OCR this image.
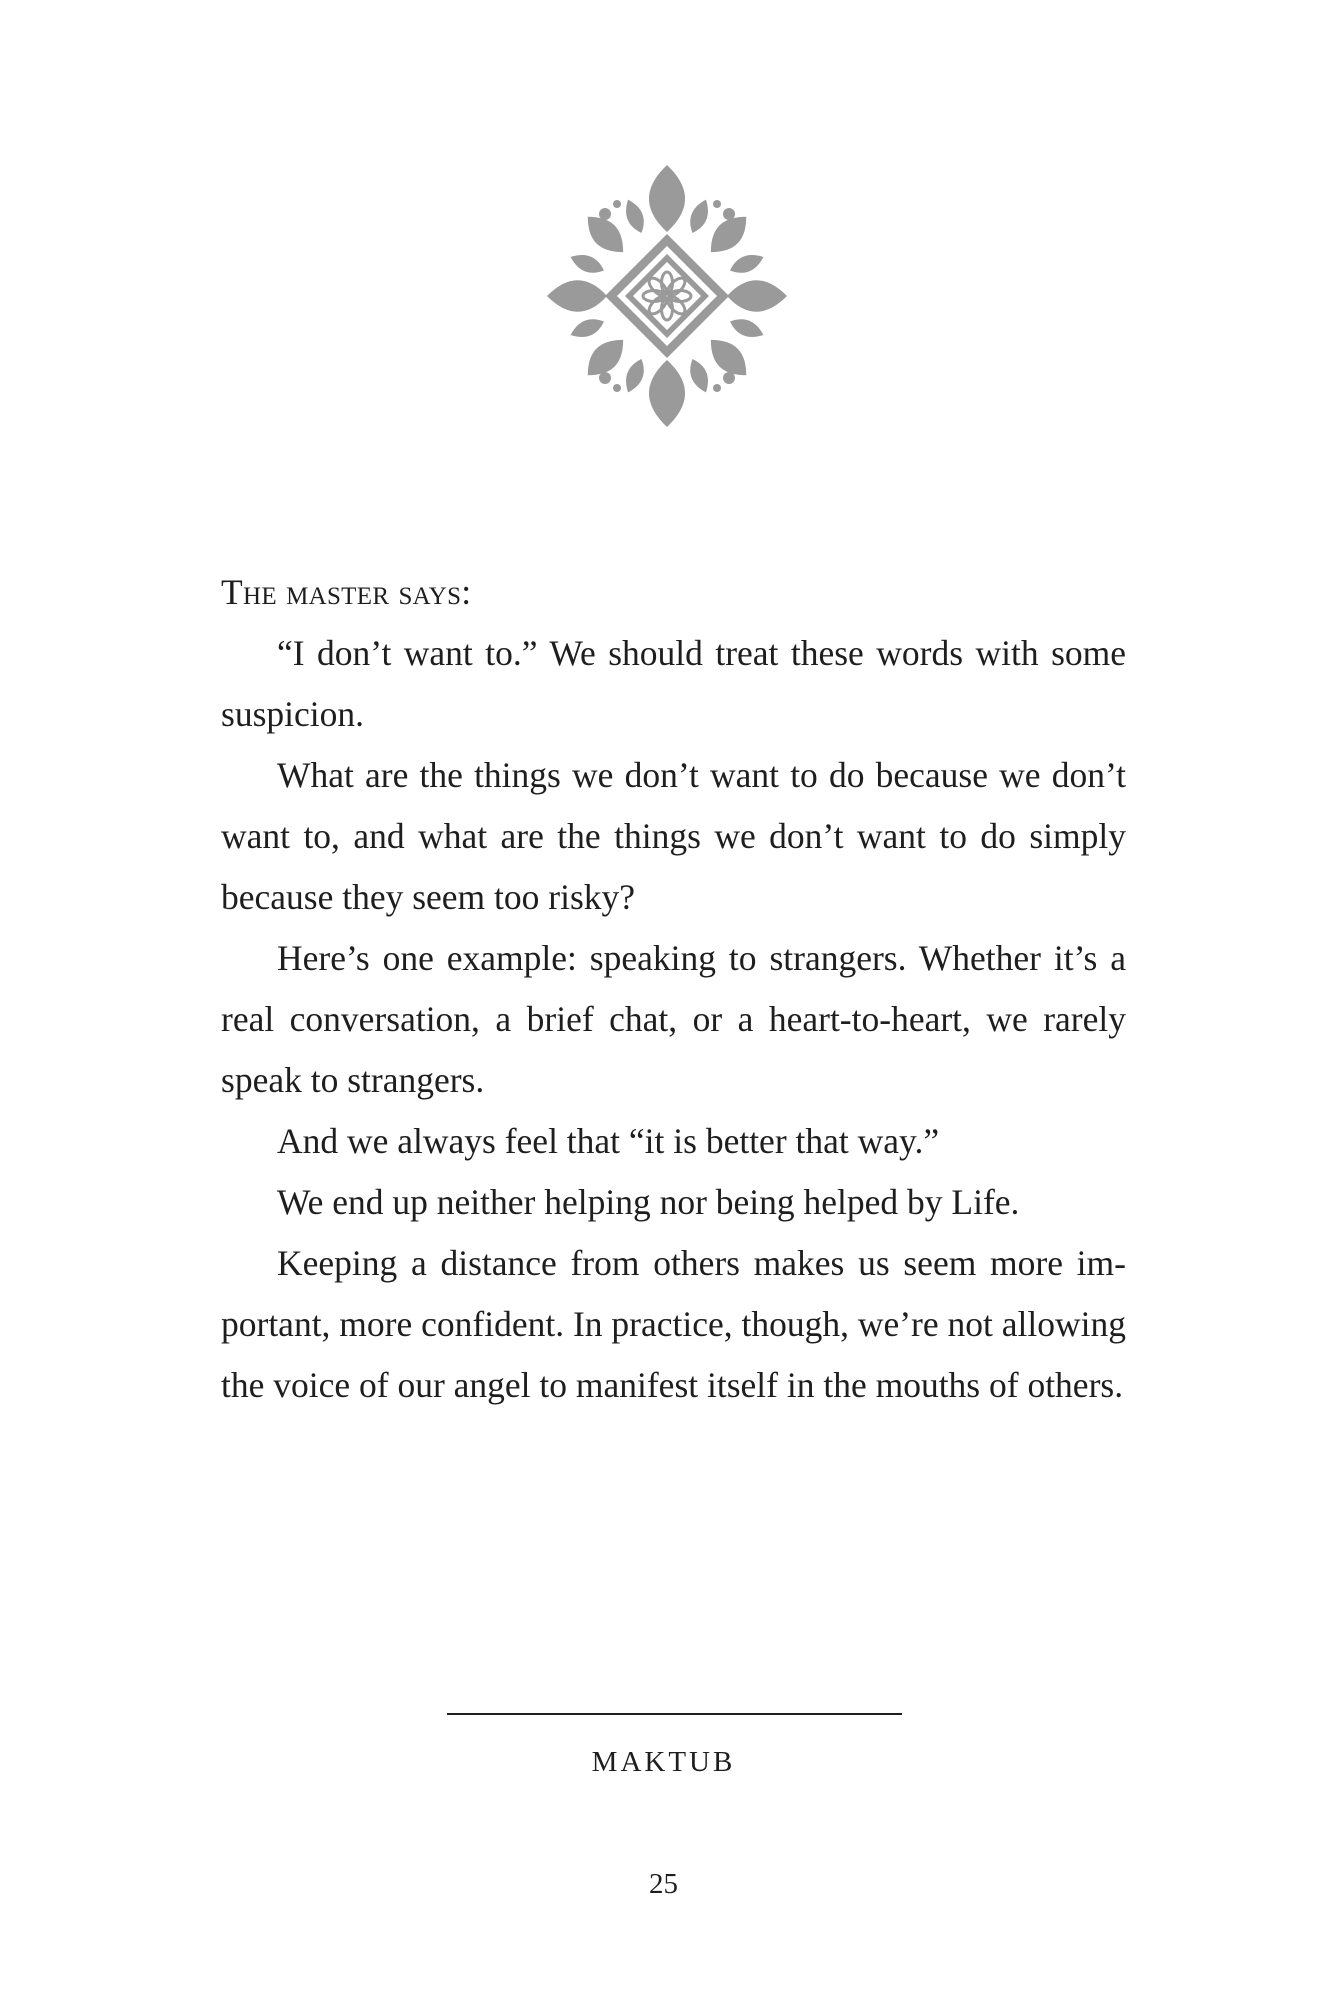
The master says:

“I don’t want to.” We should treat these words with some suspicion.

What are the things we don’t want to do because we don’t want to, and what are the things we don’t want to do simply because they seem too risky?

Here’s one example: speaking to strangers. Whether it’s a real conversation, a brief chat, or a heart-to-heart, we rarely speak to strangers.

And we always feel that “it is better that way.”

We end up neither helping nor being helped by Life.

Keeping a distance from others makes us seem more important, more confident. In practice, though, we’re not allowing the voice of our angel to manifest itself in the mouths of others.

MAKTUB
25
